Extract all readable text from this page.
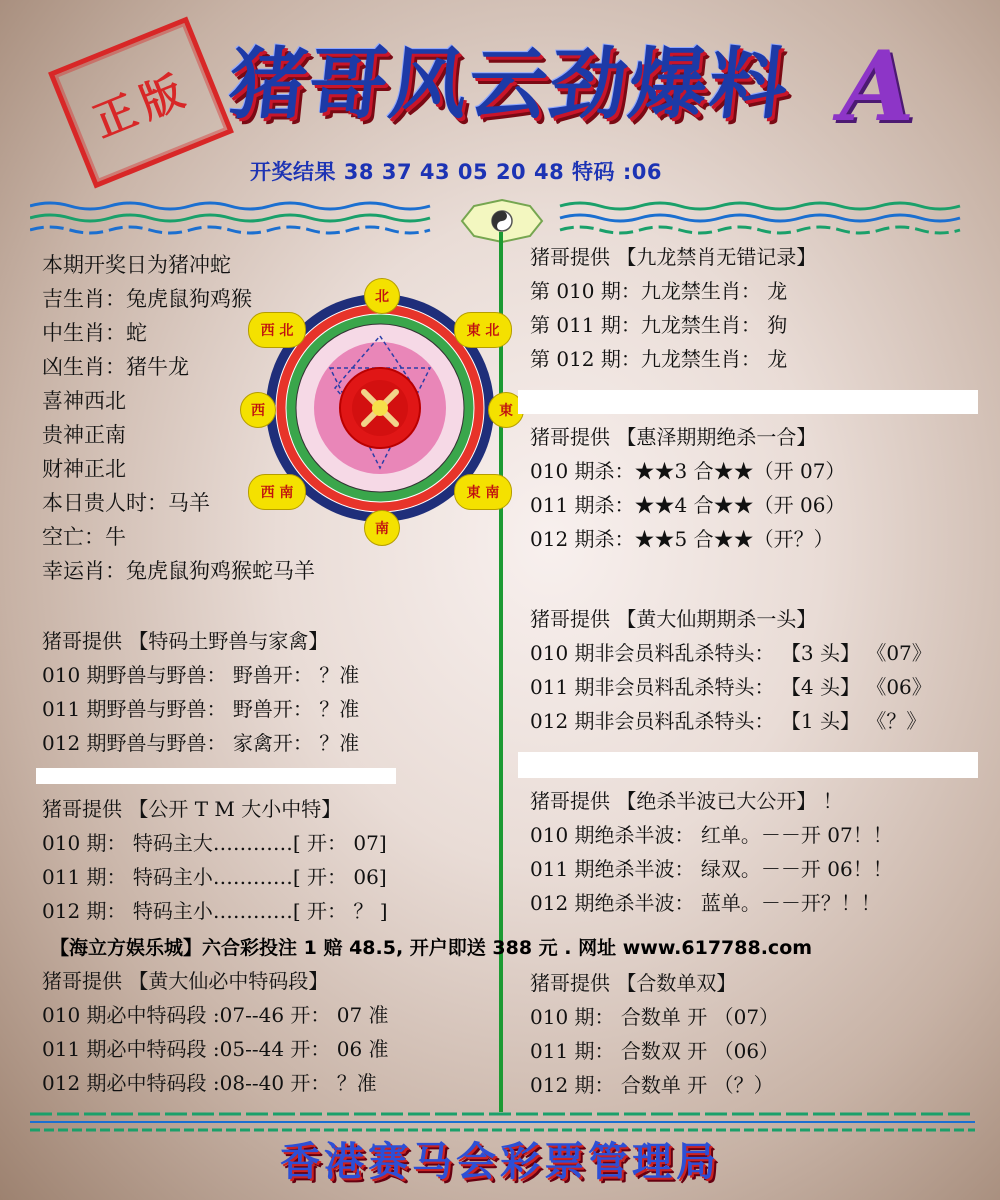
正版 猪哥风云劲爆料 A
开奖结果 38 37 43 05 20 48 特码 :06
本期开奖日为猪冲蛇
吉生肖：兔虎鼠狗鸡猴
中生肖：蛇
凶生肖：猪牛龙
喜神西北
贵神正南
财神正北
本日贵人时：马羊
空亡：牛
幸运肖：兔虎鼠狗鸡猴蛇马羊
北
南
東
西
西 北	東 北
西 南	東 南
猪哥提供 【特码土野兽与家禽】
010 期野兽与野兽： 野兽开： ？准
011 期野兽与野兽： 野兽开： ？准
012 期野兽与野兽： 家禽开： ？准
猪哥提供 【公开 T M 大小中特】
010 期： 特码主大…………[ 开： 07]
011 期： 特码主小…………[ 开： 06]
012 期： 特码主小…………[ 开： ？ ]
猪哥提供 【黄大仙必中特码段】
010 期必中特码段 :07--46 开： 07 准
011 期必中特码段 :05--44 开： 06 准
012 期必中特码段 :08--40 开： ？准
猪哥提供 【九龙禁肖无错记录】
第 010 期：九龙禁生肖： 龙
第 011 期：九龙禁生肖： 狗
第 012 期：九龙禁生肖： 龙
猪哥提供 【惠泽期期绝杀一合】
010 期杀：★★3 合★★（开 07）
011 期杀：★★4 合★★（开 06）
012 期杀：★★5 合★★（开？）
猪哥提供 【黄大仙期期杀一头】
010 期非会员料乱杀特头： 【3 头】 《07》
011 期非会员料乱杀特头： 【4 头】 《06》
012 期非会员料乱杀特头： 【1 头】 《？》
猪哥提供 【绝杀半波已大公开】 ！
010 期绝杀半波： 红单。－－开 07！！
011 期绝杀半波： 绿双。－－开 06！！
012 期绝杀半波： 蓝单。－－开？！！
猪哥提供 【合数单双】
010 期： 合数单 开 （07）
011 期： 合数双 开 （06）
012 期： 合数单 开 （？）
【海立方娱乐城】六合彩投注 1 赔 48.5, 开户即送 388 元 . 网址 www.617788.com
香港赛马会彩票管理局
